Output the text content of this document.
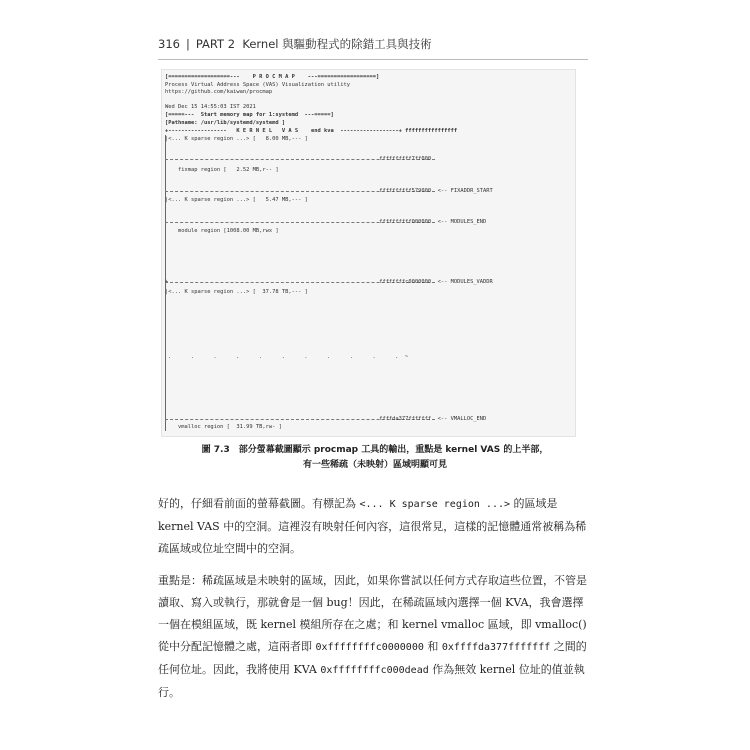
316 | PART 2 Kernel 與驅動程式的除錯工具與技術
[===================---    P R O C M A P    ---==================]
Process Virtual Address Space (VAS) Visualization utility
https://github.com/kaiwan/procmap
Wed Dec 15 14:55:03 IST 2021
[=====---  Start memory map for 1:systemd  ---=====]
[Pathname: /usr/lib/systemd/systemd ]
+------------------   K E R N E L   V A S    end kva  ------------------+ ffffffffffffffff
|<... K sparse region ...> [   8.00 MB,--- ]
ffffffffff7ff000
fixmap region [   2.52 MB,r-- ]
ffffffffff579000  <-- FIXADDR_START
|<... K sparse region ...> [   5.47 MB,--- ]
ffffffffff000000  <-- MODULES_END
module region [1008.00 MB,rwx ]
+                                                                 ffffffffc0000000  <-- MODULES_VADDR
|<... K sparse region ...> [  37.78 TB,--- ]
.      .      .      .      .      .      .      .      .      .      .  ~
ffffda377fffffff  <-- VMALLOC_END
vmalloc region [  31.99 TB,rw- ]
圖 7.3　部分螢幕截圖顯示 procmap 工具的輸出，重點是 kernel VAS 的上半部，
有一些稀疏（未映射）區域明顯可見
好的，仔細看前面的螢幕截圖。有標記為 <... K sparse region ...> 的區域是 kernel VAS 中的空洞。這裡沒有映射任何內容，這很常見，這樣的記憶體通常被稱為稀疏區域或位址空間中的空洞。
重點是：稀疏區域是未映射的區域，因此，如果你嘗試以任何方式存取這些位置，不管是讀取、寫入或執行，那就會是一個 bug！因此，在稀疏區域內選擇一個 KVA，我會選擇一個在模組區域，既 kernel 模組所存在之處；和 kernel vmalloc 區域，即 vmalloc() 從中分配記憶體之處，這兩者即 0xffffffffc0000000 和 0xffffda377fffffff 之間的任何位址。因此，我將使用 KVA 0xffffffffc000dead 作為無效 kernel 位址的值並執行。
